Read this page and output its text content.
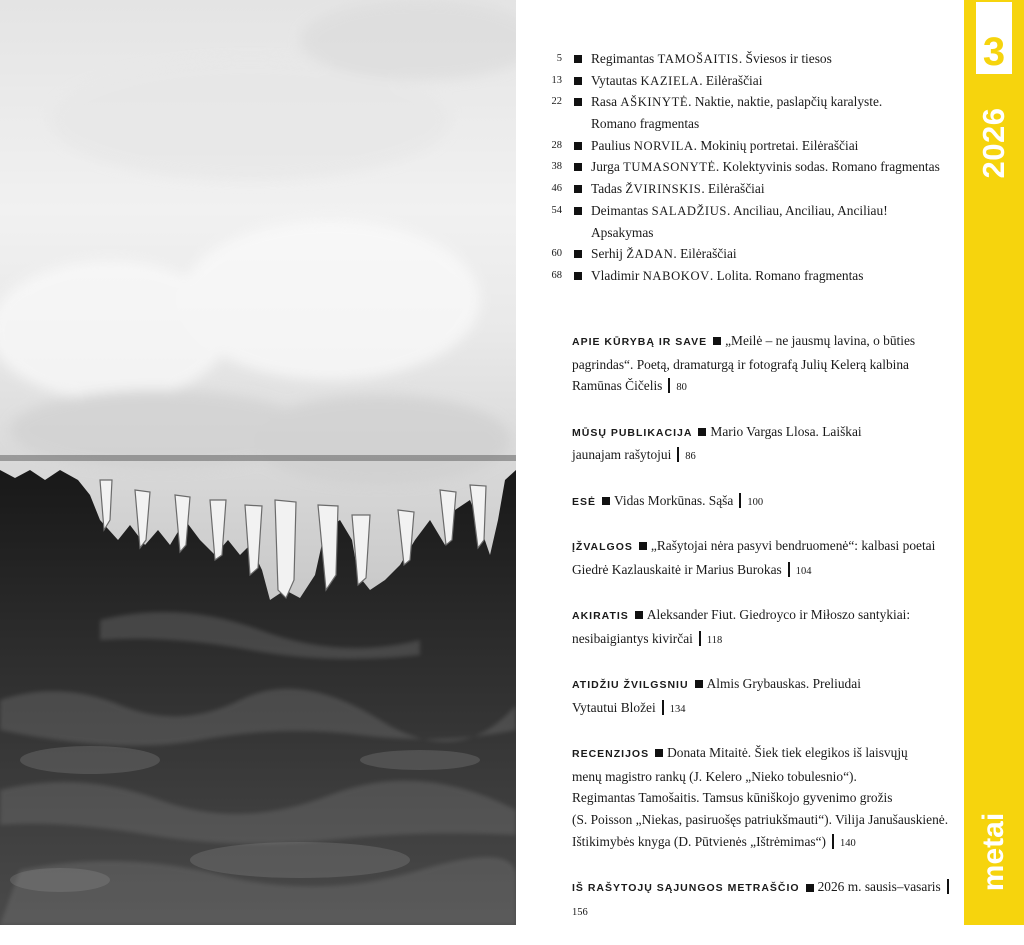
5 Regimantas TAMOŠAITIS. Šviesos ir tiesos
13 Vytautas KAZIELA. Eilėraščiai
22 Rasa AŠKINYTĖ. Naktie, naktie, paslapčių karalyste.
Romano fragmentas
28 Paulius NORVILA. Mokinių portretai. Eilėraščiai
38 Jurga TUMASONYTĖ. Kolektyvinis sodas. Romano fragmentas
46 Tadas ŽVIRINSKIS. Eilėraščiai
54 Deimantas SALADŽIUS. Anciliau, Anciliau, Anciliau!
Apsakymas
60 Serhij ŽADAN. Eilėraščiai
68 Vladimir NABOKOV. Lolita. Romano fragmentas
APIE KŪRYBĄ IR SAVE „Meilė – ne jausmų lavina, o būties
pagrindas“. Poetą, dramaturgą ir fotografą Julių Kelerą kalbina
Ramūnas Čičelis 80
MŪSŲ PUBLIKACIJA Mario Vargas Llosa. Laiškai
jaunajam rašytojui 86
ESĖ Vidas Morkūnas. Sąša 100
ĮŽVALGOS „Rašytojai nėra pasyvi bendruomenė“: kalbasi poetai
Giedrė Kazlauskaitė ir Marius Burokas 104
AKIRATIS Aleksander Fiut. Giedroyco ir Miłoszo santykiai:
nesibaigiantys kivirčai 118
ATIDŽIU ŽVILGSNIU Almis Grybauskas. Preliudai
Vytautui Bložei 134
RECENZIJOS Donata Mitaitė. Šiek tiek elegikos iš laisvųjų
menų magistro rankų (J. Kelero „Nieko tobulesnio“).
Regimantas Tamošaitis. Tamsus kūniškojo gyvenimo grožis
(S. Poisson „Niekas, pasiruošęs patriukšmauti“). Vilija Janušauskienė.
Ištikimybės knyga (D. Pūtvienės „Ištrėmimas“) 140
IŠ RAŠYTOJŲ SĄJUNGOS METRAŠČIO 2026 m. sausis–vasaris156
3
2026
metai
